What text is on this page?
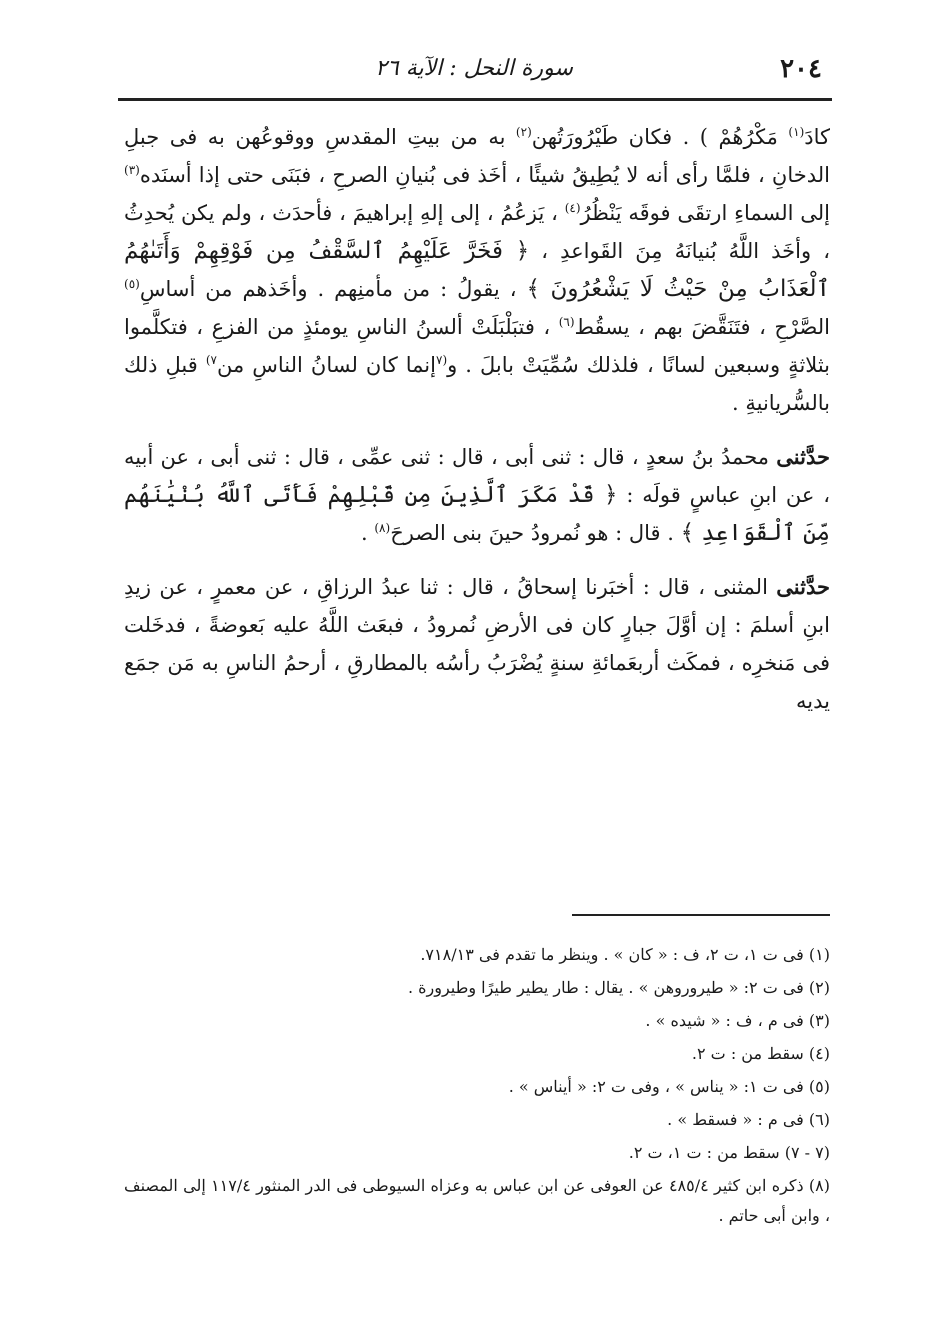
٢٠٤
سورة النحل : الآية ٢٦

كادَ$^{(١)}$ مَكْرُهُمْ ) . فكان طَيْرُورَتُهن$^{(٢)}$ به من بيتِ المقدسِ ووقوعُهن به فى جبلِ الدخانِ ، فلمَّا رأى أنه لا يُطِيقُ شيئًا ، أخَذ فى بُنيانِ الصرحِ ، فبَنَى حتى إذا أسنَده$^{(٣)}$ إلى السماءِ ارتقَى فوقَه يَنْظُرُ$^{(٤)}$ ، يَزعُمُ ، إلى إلهِ إبراهيمَ ، فأحدَث ، ولم يكن يُحدِثُ ، وأخَذ اللَّهُ بُنيانَهُ مِنَ القَواعدِ ، ﴿ فَخَرَّ عَلَيْهِمُ ٱلسَّقْفُ مِن فَوْقِهِمْ وَأَتَىٰهُمُ ٱلْعَذَابُ مِنْ حَيْثُ لَا يَشْعُرُونَ ﴾ ، يقولُ : من مأمنِهم . وأخَذهم من أساسِ$^{(٥)}$ الصَّرْحِ ، فتَنَقَّضَ بهم ، يسقُط$^{(٦)}$ ، فتبَلْبَلَتْ ألسنُ الناسِ يومئذٍ من الفزعِ ، فتكلَّموا بثلاثةٍ وسبعين لسانًا ، فلذلك سُمِّيَتْ بابلَ . و$^{(٧}$إنما كان لسانُ الناسِ من$^{٧)}$ قبلِ ذلك بالسُّريانيةِ .

حدَّثنى محمدُ بنُ سعدٍ ، قال : ثنى أبى ، قال : ثنى عمِّى ، قال : ثنى أبى ، عن أبيه ، عن ابنِ عباسٍ قولَه : ﴿ قَدْ مَكَرَ ٱلَّذِينَ مِن قَبْلِهِمْ فَأَتَى ٱللَّهُ بُنْيَٰنَهُم مِّنَ ٱلْقَوَاعِدِ ﴾ . قال : هو نُمرودُ حينَ بنى الصرحَ$^{(٨)}$ .

حدَّثنى المثنى ، قال : أخبَرنا إسحاقُ ، قال : ثنا عبدُ الرزاقِ ، عن معمرٍ ، عن زيدِ ابنِ أسلمَ : إن أوَّلَ جبارٍ كان فى الأرضِ نُمرودُ ، فبعَث اللَّهُ عليه بَعوضةً ، فدخَلت فى مَنخرِه ، فمكَث أربعَمائةِ سنةٍ يُضْرَبُ رأسُه بالمطارقِ ، أرحمُ الناسِ به مَن جمَع يديه

(١) فى ت ١، ت ٢، ف : « كان » . وينظر ما تقدم فى ٧١٨/١٣.

(٢) فى ت ٢: « طيروروهن » . يقال : طار يطير طيرًا وطيرورة .

(٣) فى م ، ف : « شيده » .

(٤) سقط من : ت ٢.

(٥) فى ت ١: « يناس » ، وفى ت ٢: « أيناس » .

(٦) فى م : « فسقط » .

(٧ - ٧) سقط من : ت ١، ت ٢.

(٨) ذكره ابن كثير ٤٨٥/٤ عن العوفى عن ابن عباس به وعزاه السيوطى فى الدر المنثور ١١٧/٤ إلى المصنف ، وابن أبى حاتم .
